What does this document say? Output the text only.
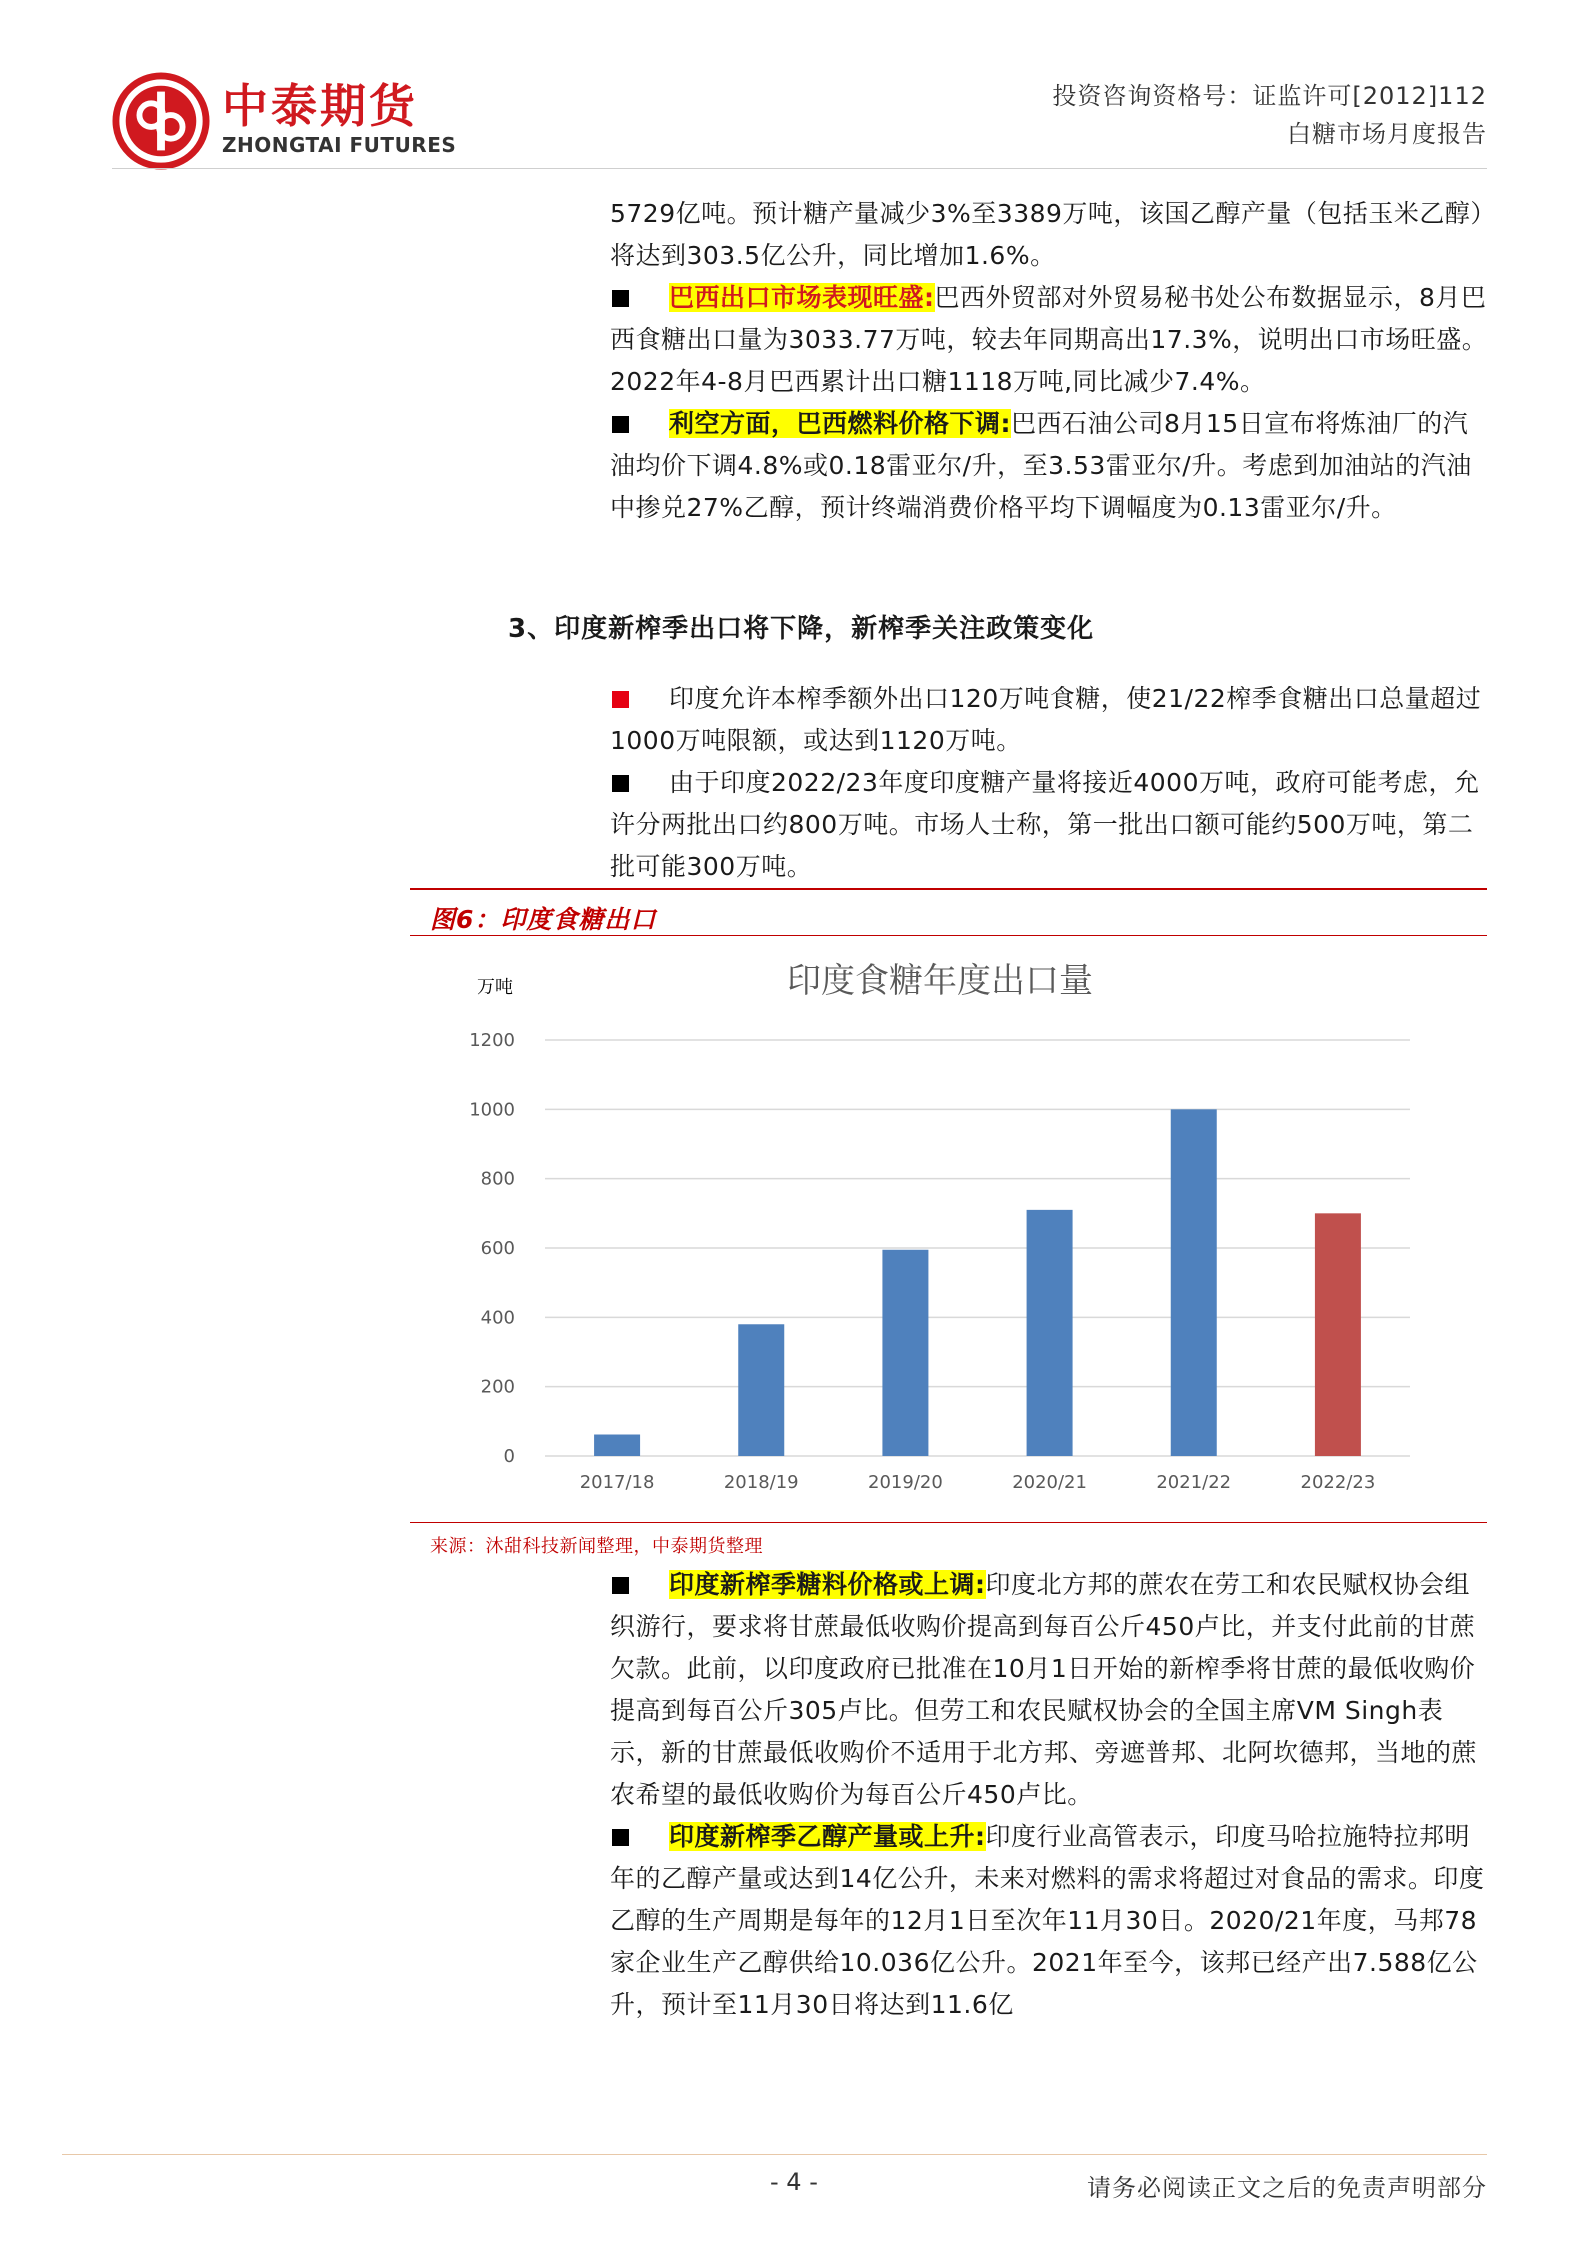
中泰期货
ZHONGTAI FUTURES
投资咨询资格号：证监许可[2012]112
白糖市场月度报告

5729亿吨。预计糖产量减少3%至3389万吨，该国乙醇产量（包括玉米乙醇）将达到303.5亿公升，同比增加1.6%。

巴西出口市场表现旺盛:巴西外贸部对外贸易秘书处公布数据显示，8月巴西食糖出口量为3033.77万吨，较去年同期高出17.3%，说明出口市场旺盛。2022年4-8月巴西累计出口糖1118万吨,同比减少7.4%。

利空方面，巴西燃料价格下调:巴西石油公司8月15日宣布将炼油厂的汽油均价下调4.8%或0.18雷亚尔/升，至3.53雷亚尔/升。考虑到加油站的汽油中掺兑27%乙醇，预计终端消费价格平均下调幅度为0.13雷亚尔/升。

3、印度新榨季出口将下降，新榨季关注政策变化

印度允许本榨季额外出口120万吨食糖，使21/22榨季食糖出口总量超过1000万吨限额，或达到1120万吨。

由于印度2022/23年度印度糖产量将接近4000万吨，政府可能考虑，允许分两批出口约800万吨。市场人士称，第一批出口额可能约500万吨，第二批可能300万吨。

图6：印度食糖出口
印度食糖年度出口量
万吨
0
200
400
600
800
1000
1200
2017/18	2018/19	2019/20	2020/21	2021/22	2022/23
来源：沐甜科技新闻整理，中泰期货整理

印度新榨季糖料价格或上调:印度北方邦的蔗农在劳工和农民赋权协会组织游行，要求将甘蔗最低收购价提高到每百公斤450卢比，并支付此前的甘蔗欠款。此前，以印度政府已批准在10月1日开始的新榨季将甘蔗的最低收购价提高到每百公斤305卢比。但劳工和农民赋权协会的全国主席VM Singh表示，新的甘蔗最低收购价不适用于北方邦、旁遮普邦、北阿坎德邦，当地的蔗农希望的最低收购价为每百公斤450卢比。

印度新榨季乙醇产量或上升:印度行业高管表示，印度马哈拉施特拉邦明年的乙醇产量或达到14亿公升，未来对燃料的需求将超过对食品的需求。印度乙醇的生产周期是每年的12月1日至次年11月30日。2020/21年度，马邦78家企业生产乙醇供给10.036亿公升。2021年至今，该邦已经产出7.588亿公升，预计至11月30日将达到11.6亿

- 4 -	请务必阅读正文之后的免责声明部分
